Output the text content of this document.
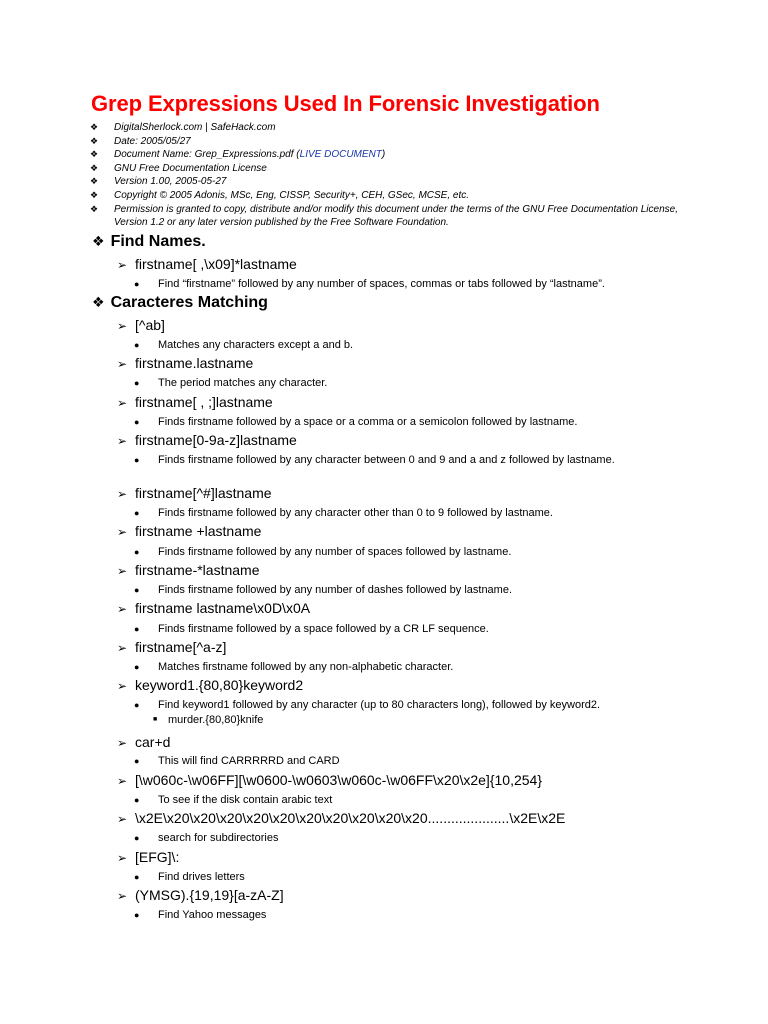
Grep Expressions Used In Forensic Investigation
❖ DigitalSherlock.com | SafeHack.com
❖ Date: 2005/05/27
❖ Document Name: Grep_Expressions.pdf (LIVE DOCUMENT)
❖ GNU Free Documentation License
❖ Version 1.00, 2005-05-27
❖ Copyright © 2005 Adonis, MSc, Eng, CISSP, Security+, CEH, GSec, MCSE, etc.
❖ Permission is granted to copy, distribute and/or modify this document under the terms of the GNU Free Documentation License, Version 1.2 or any later version published by the Free Software Foundation.
❖ Find Names.
➢ firstname[ ,\x09]*lastname
●	Find “firstname” followed by any number of spaces, commas or tabs followed by “lastname”.
❖ Caracteres Matching
➢ [^ab]
●	Matches any characters except a and b.
➢ firstname.lastname
●	The period matches any character.
➢ firstname[ , ;]lastname
●	Finds firstname followed by a space or a comma or a semicolon followed by lastname.
➢ firstname[0-9a-z]lastname
●	Finds firstname followed by any character between 0 and 9 and a and z followed by lastname.
➢ firstname[^#]lastname
●	Finds firstname followed by any character other than 0 to 9 followed by lastname.
➢ firstname +lastname
●	Finds firstname followed by any number of spaces followed by lastname.
➢ firstname-*lastname
●	Finds firstname followed by any number of dashes followed by lastname.
➢ firstname lastname\x0D\x0A
●	Finds firstname followed by a space followed by a CR LF sequence.
➢ firstname[^a-z]
●	Matches firstname followed by any non-alphabetic character.
➢ keyword1.{80,80}keyword2
●	Find keyword1 followed by any character (up to 80 characters long), followed by keyword2.
■ murder.{80,80}knife
➢ car+d
●	This will find CARRRRRD and CARD
➢ [\w060c-\w06FF][\w0600-\w0603\w060c-\w06FF\x20\x2e]{10,254}
●	To see if the disk contain arabic text
➢ \x2E\x20\x20\x20\x20\x20\x20\x20\x20\x20\x20.....................\x2E\x2E
●	search for subdirectories
➢ [EFG]\:
●	Find drives letters
➢ (YMSG).{19,19}[a-zA-Z]
●	Find Yahoo messages
